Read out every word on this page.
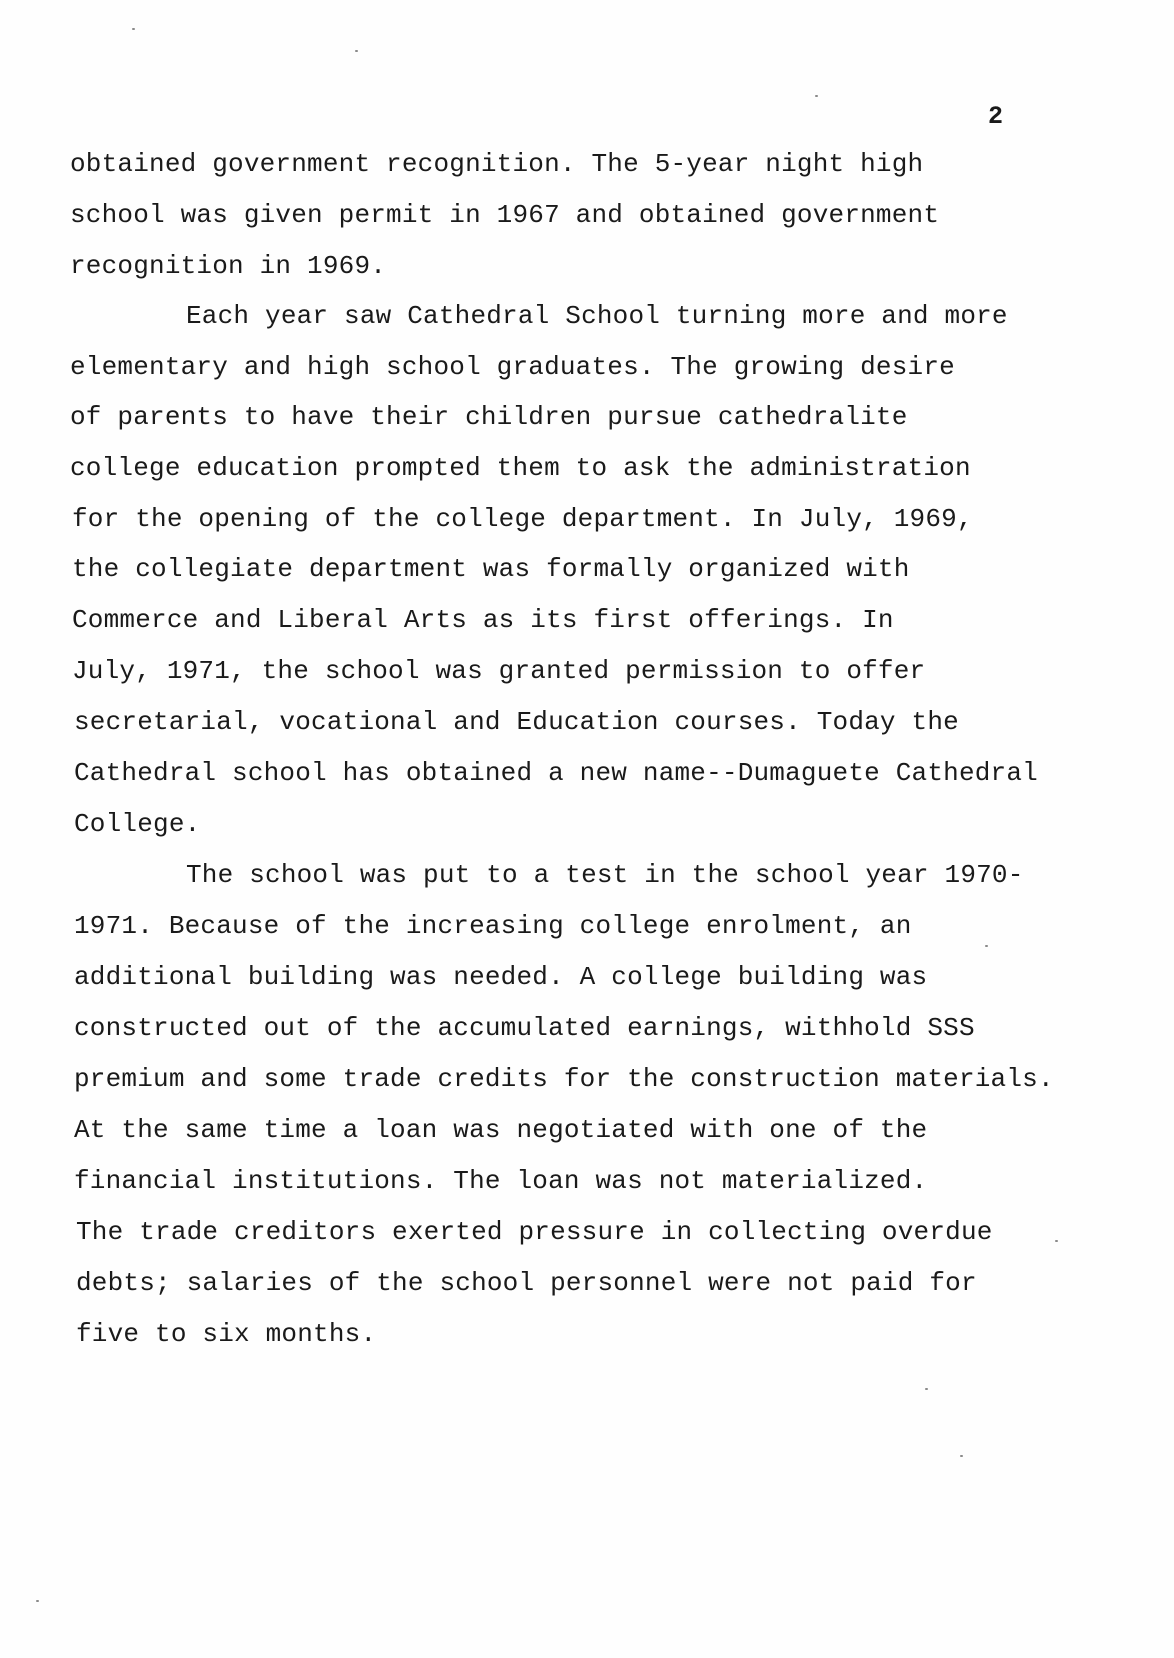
2
obtained government recognition. The 5-year night high
school was given permit in 1967 and obtained government
recognition in 1969.
Each year saw Cathedral School turning more and more
elementary and high school graduates. The growing desire
of parents to have their children pursue cathedralite
college education prompted them to ask the administration
for the opening of the college department. In July, 1969,
the collegiate department was formally organized with
Commerce and Liberal Arts as its first offerings. In
July, 1971, the school was granted permission to offer
secretarial, vocational and Education courses. Today the
Cathedral school has obtained a new name--Dumaguete Cathedral
College.
The school was put to a test in the school year 1970-
1971. Because of the increasing college enrolment, an
additional building was needed. A college building was
constructed out of the accumulated earnings, withhold SSS
premium and some trade credits for the construction materials.
At the same time a loan was negotiated with one of the
financial institutions. The loan was not materialized.
The trade creditors exerted pressure in collecting overdue
debts; salaries of the school personnel were not paid for
five to six months.
